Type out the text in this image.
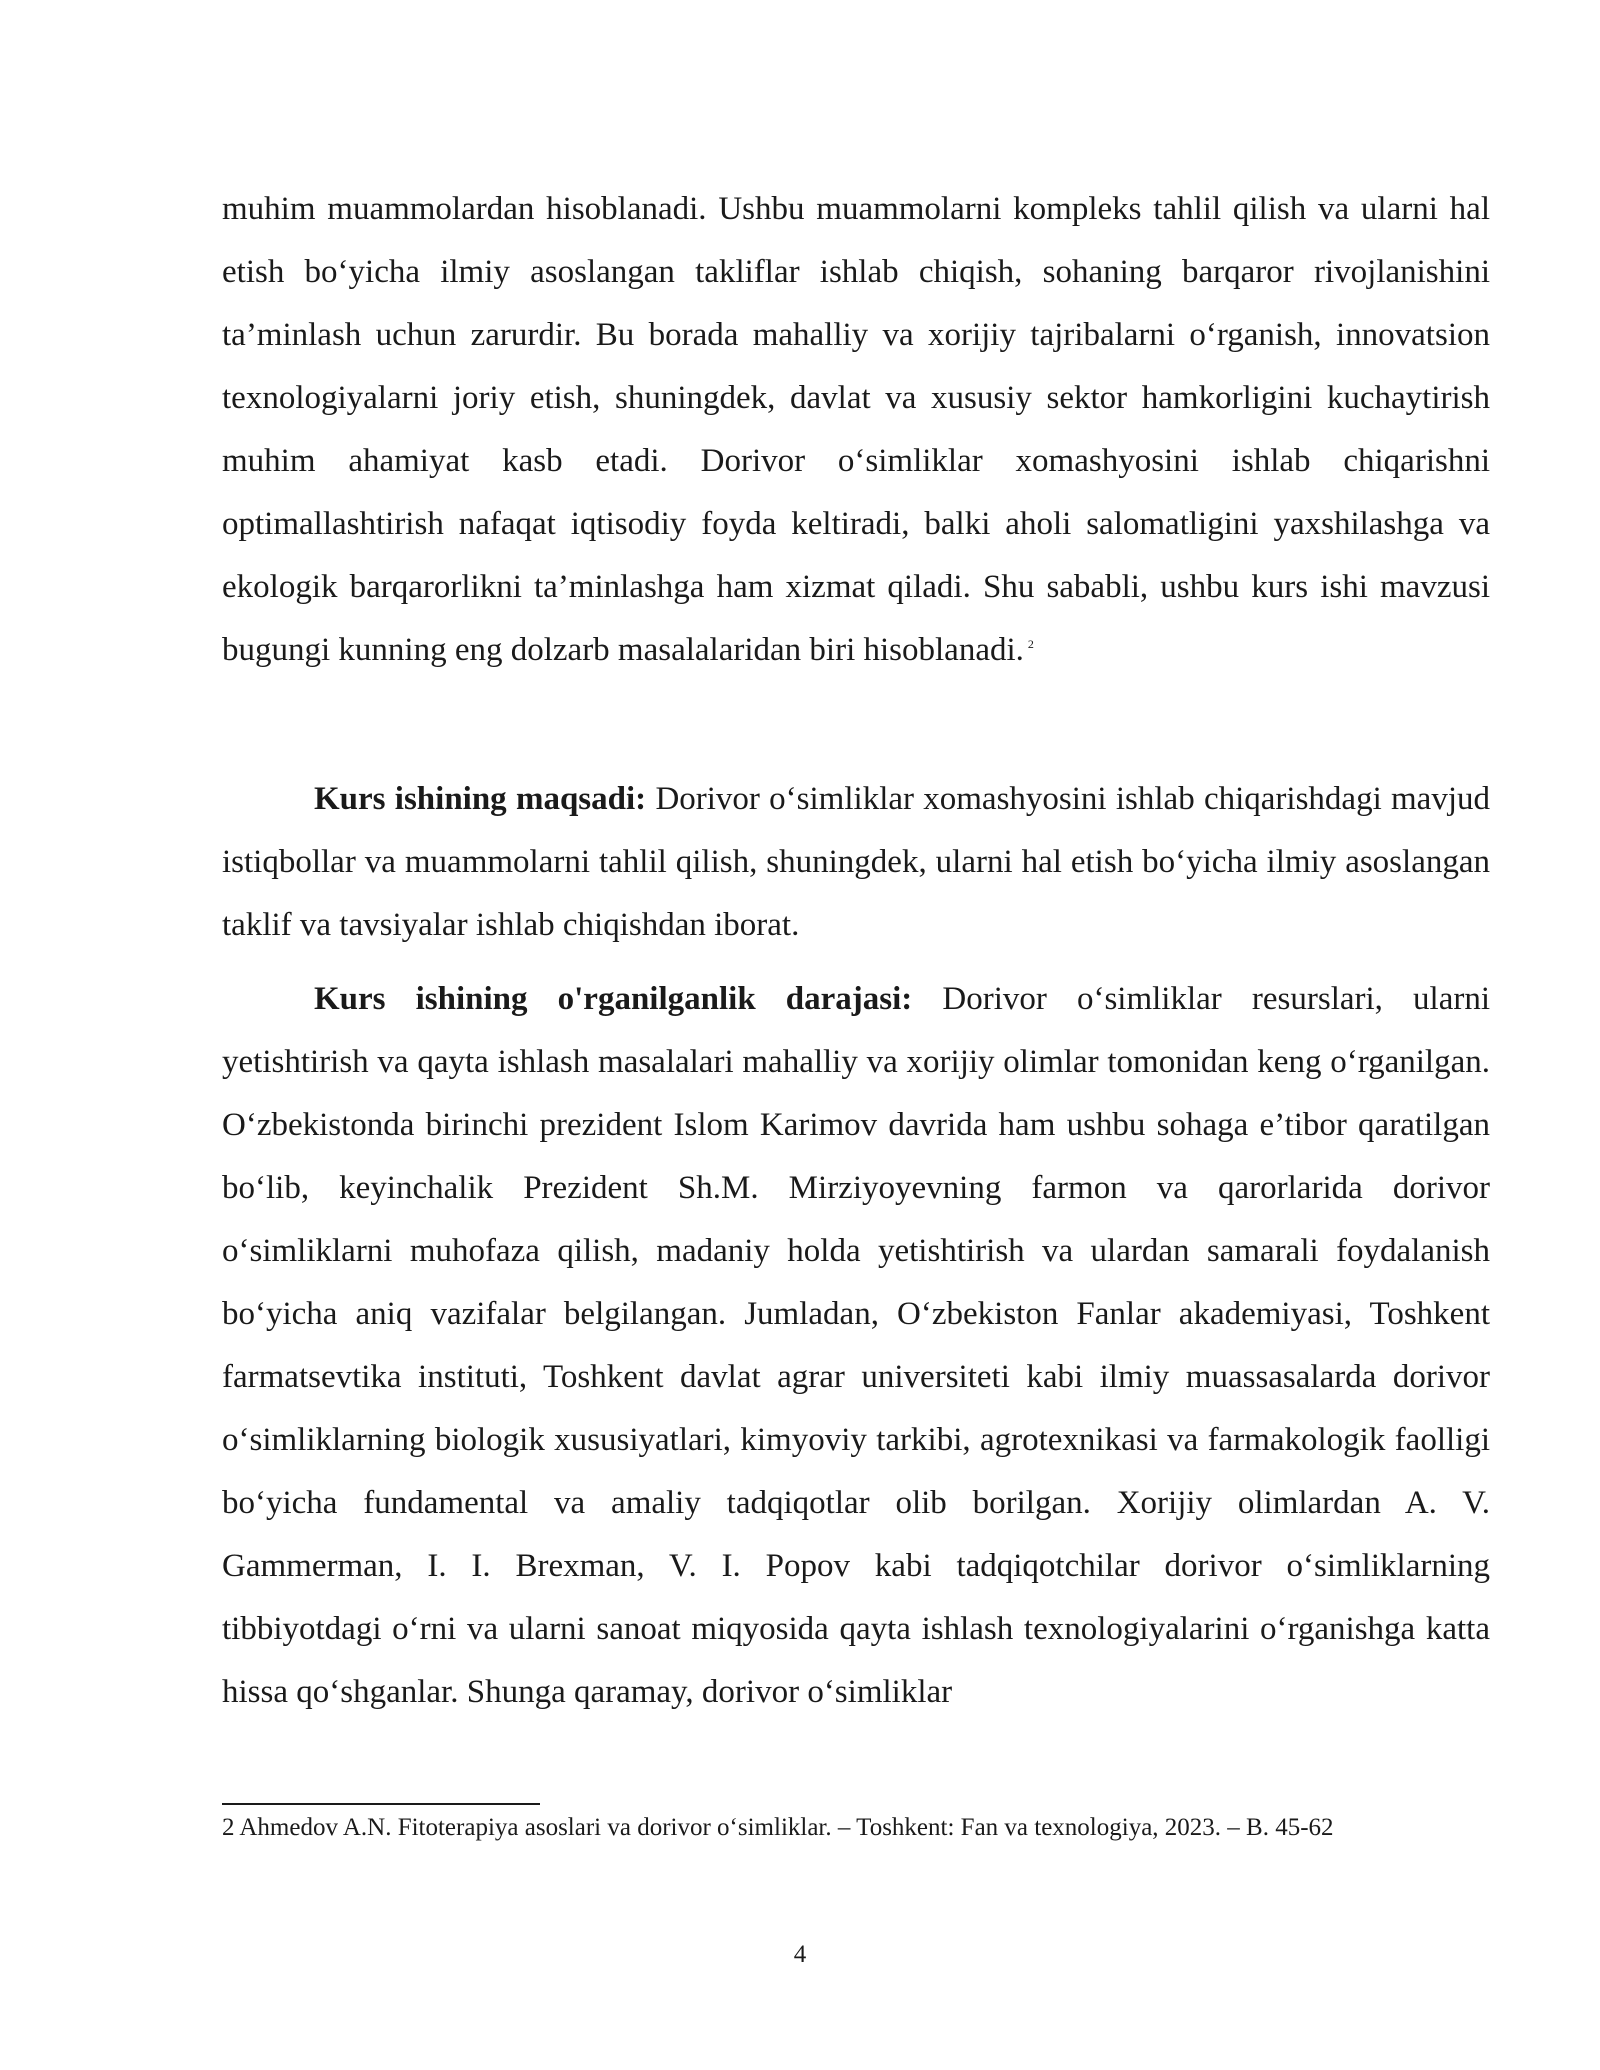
muhim muammolardan hisoblanadi. Ushbu muammolarni kompleks tahlil qilish va ularni hal etish bo‘yicha ilmiy asoslangan takliflar ishlab chiqish, sohaning barqaror rivojlanishini ta’minlash uchun zarurdir. Bu borada mahalliy va xorijiy tajribalarni o‘rganish, innovatsion texnologiyalarni joriy etish, shuningdek, davlat va xususiy sektor hamkorligini kuchaytirish muhim ahamiyat kasb etadi. Dorivor o‘simliklar xomashyosini ishlab chiqarishni optimallashtirish nafaqat iqtisodiy foyda keltiradi, balki aholi salomatligini yaxshilashga va ekologik barqarorlikni ta’minlashga ham xizmat qiladi. Shu sababli, ushbu kurs ishi mavzusi bugungi kunning eng dolzarb masalalaridan biri hisoblanadi. $^2$

Kurs ishining maqsadi: Dorivor o‘simliklar xomashyosini ishlab chiqarishdagi mavjud istiqbollar va muammolarni tahlil qilish, shuningdek, ularni hal etish bo‘yicha ilmiy asoslangan taklif va tavsiyalar ishlab chiqishdan iborat.

Kurs ishining o'rganilganlik darajasi: Dorivor o‘simliklar resurslari, ularni yetishtirish va qayta ishlash masalalari mahalliy va xorijiy olimlar tomonidan keng o‘rganilgan. O‘zbekistonda birinchi prezident Islom Karimov davrida ham ushbu sohaga e’tibor qaratilgan bo‘lib, keyinchalik Prezident Sh.M. Mirziyoyevning farmon va qarorlarida dorivor o‘simliklarni muhofaza qilish, madaniy holda yetishtirish va ulardan samarali foydalanish bo‘yicha aniq vazifalar belgilangan. Jumladan, O‘zbekiston Fanlar akademiyasi, Toshkent farmatsevtika instituti, Toshkent davlat agrar universiteti kabi ilmiy muassasalarda dorivor o‘simliklarning biologik xususiyatlari, kimyoviy tarkibi, agrotexnikasi va farmakologik faolligi bo‘yicha fundamental va amaliy tadqiqotlar olib borilgan. Xorijiy olimlardan A. V. Gammerman, I. I. Brexman, V. I. Popov kabi tadqiqotchilar dorivor o‘simliklarning tibbiyotdagi o‘rni va ularni sanoat miqyosida qayta ishlash texnologiyalarini o‘rganishga katta hissa qo‘shganlar. Shunga qaramay, dorivor o‘simliklar

2 Ahmedov A.N. Fitoterapiya asoslari va dorivor o‘simliklar. – Toshkent: Fan va texnologiya, 2023. – B. 45-62

4
